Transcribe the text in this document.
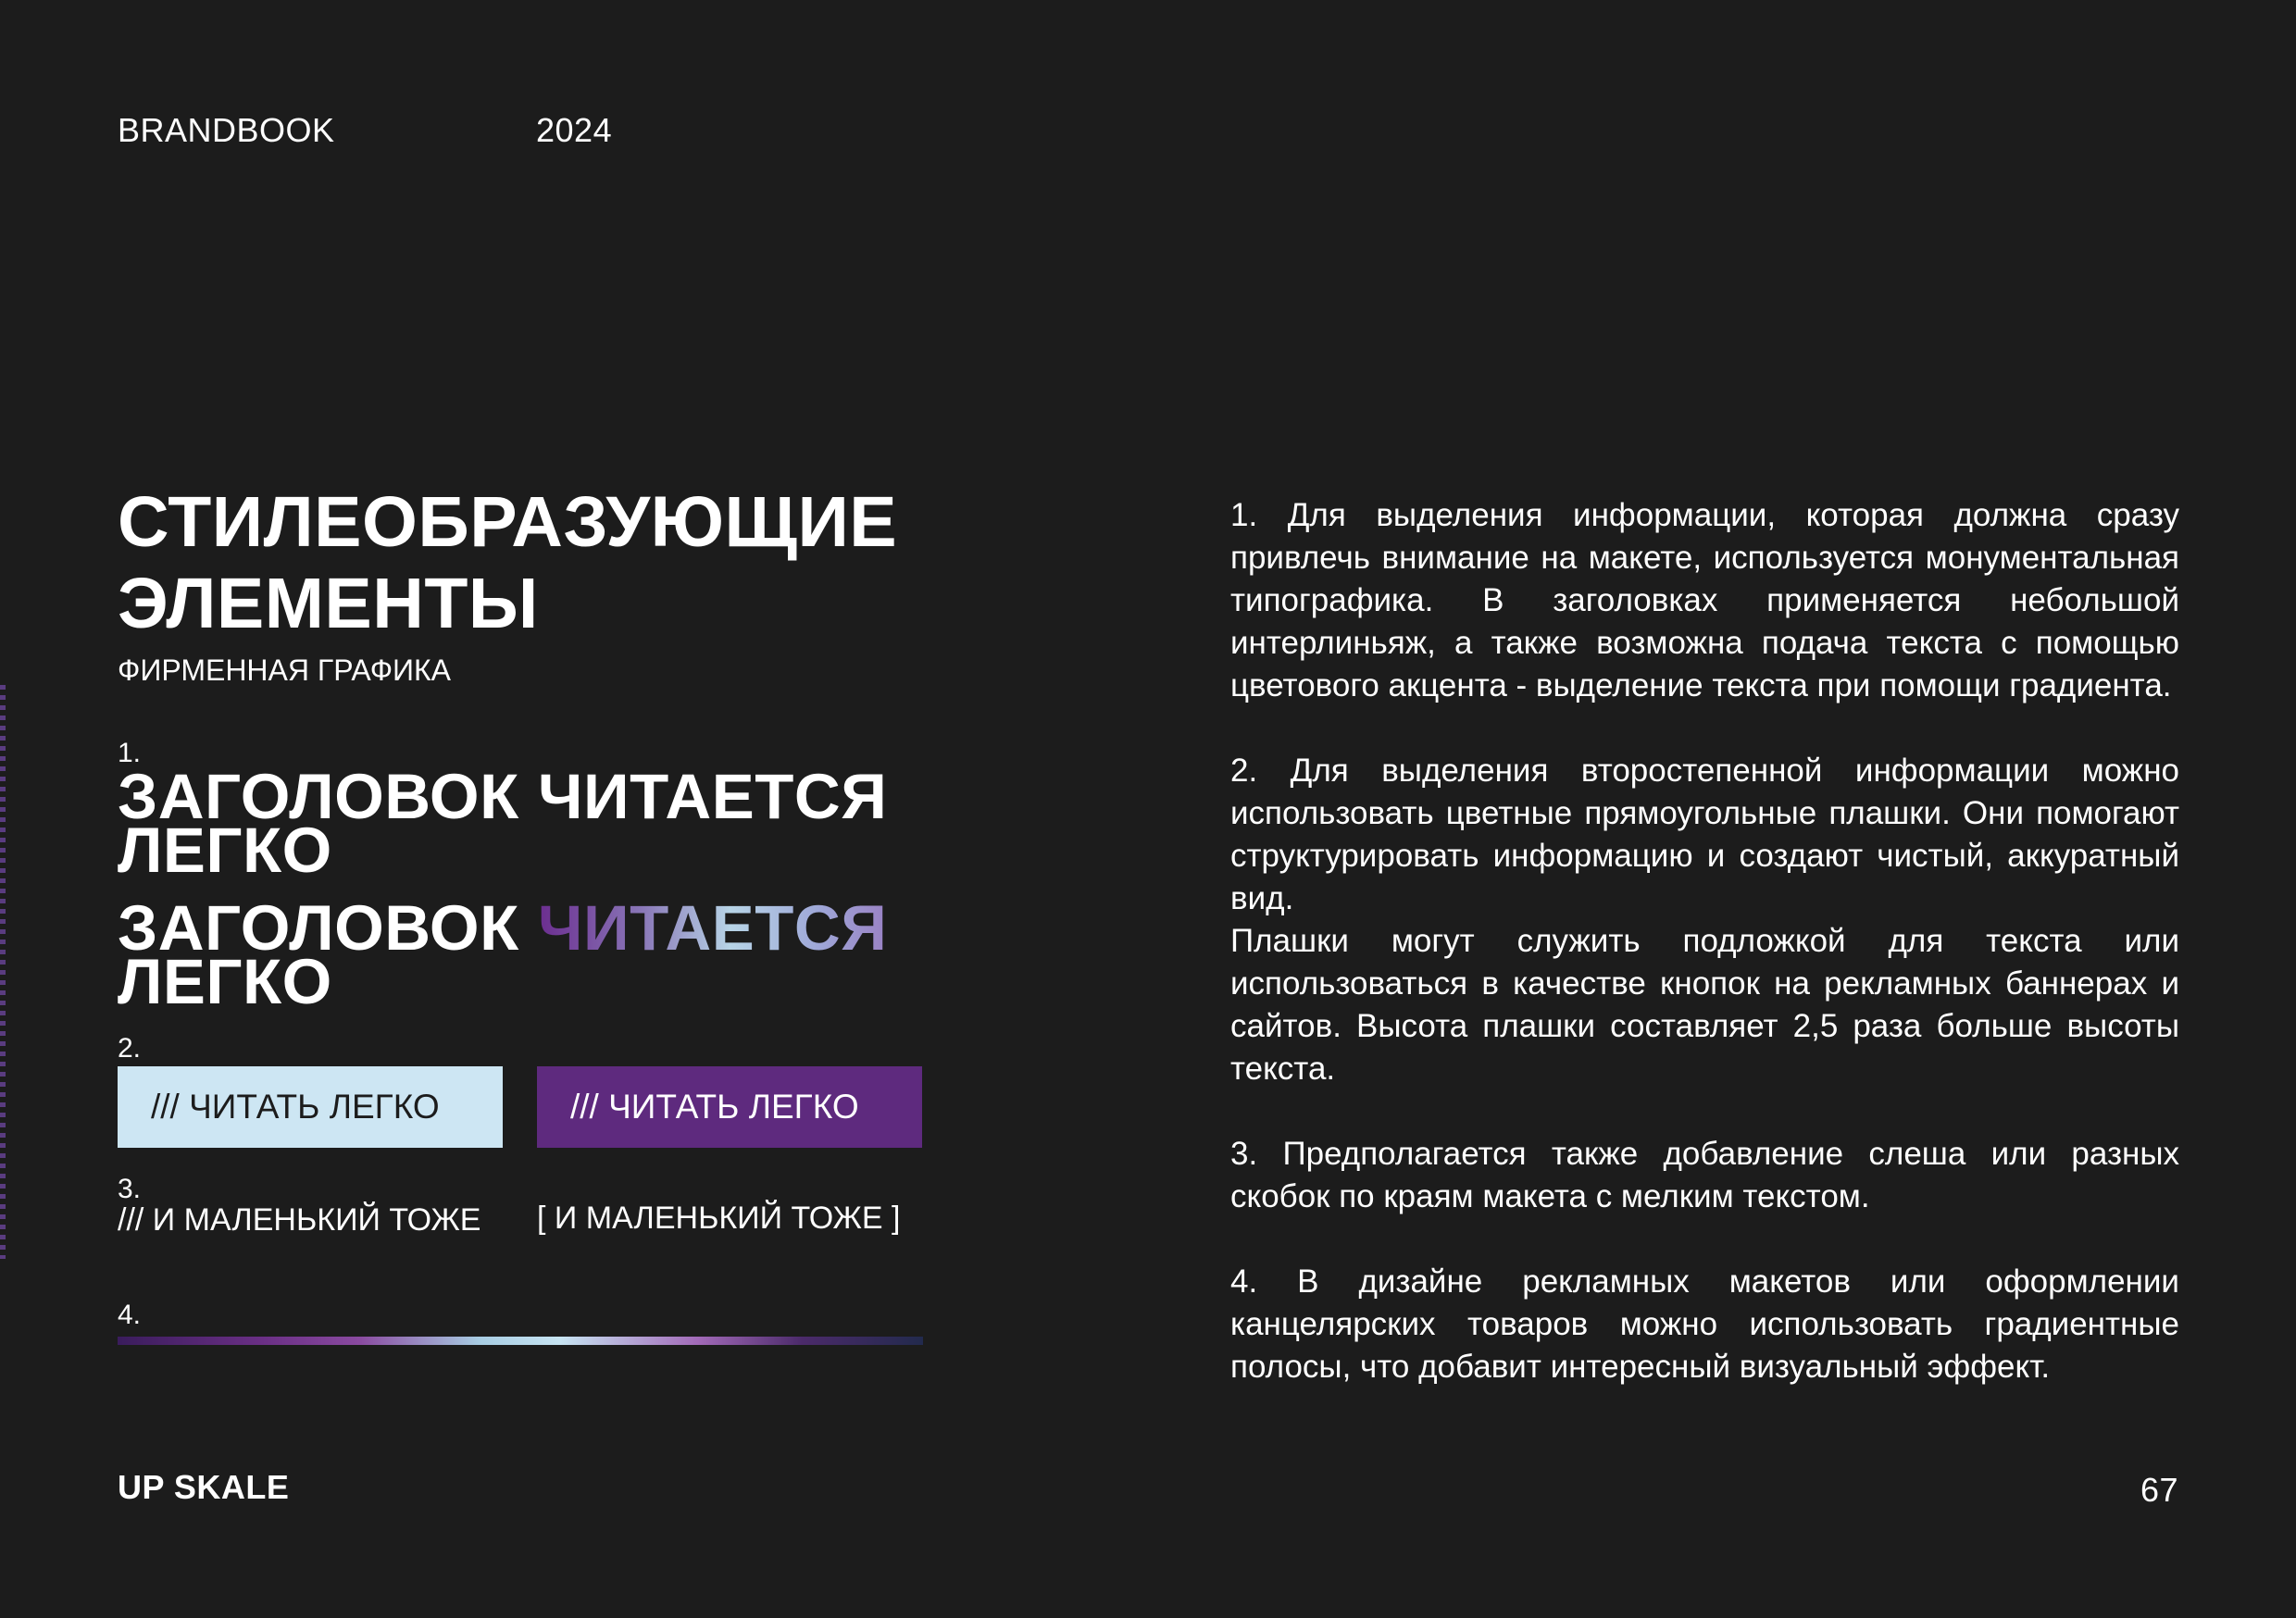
BRANDBOOK	2024
СТИЛЕОБРАЗУЮЩИЕ
ЭЛЕМЕНТЫ
ФИРМЕННАЯ ГРАФИКА
1.
ЗАГОЛОВОК ЧИТАЕТСЯ
ЛЕГКО
ЗАГОЛОВОК ЧИТАЕТСЯ
ЛЕГКО
2.
/// ЧИТАТЬ ЛЕГКО	/// ЧИТАТЬ ЛЕГКО
3.
/// И МАЛЕНЬКИЙ ТОЖЕ [ И МАЛЕНЬКИЙ ТОЖЕ ]
4.

1. Для выделения информации, которая должна сразу привлечь внимание на макете, используется монументальная типографика. В заголовках применяется небольшой интерлиньяж, а также возможна подача текста с помощью цветового акцента - выделение текста при помощи градиента.

2. Для выделения второстепенной информации можно использовать цветные прямоугольные плашки. Они помогают структурировать информацию и создают чистый, аккуратный вид.

Плашки могут служить подложкой для текста или использоваться в качестве кнопок на рекламных баннерах и сайтов. Высота плашки составляет 2,5 раза больше высоты текста.

3. Предполагается также добавление слеша или разных скобок по краям макета с мелким текстом.

4. В дизайне рекламных макетов или оформлении канцелярских товаров можно использовать градиентные полосы, что добавит интересный визуальный эффект.

UP SKALE	67
